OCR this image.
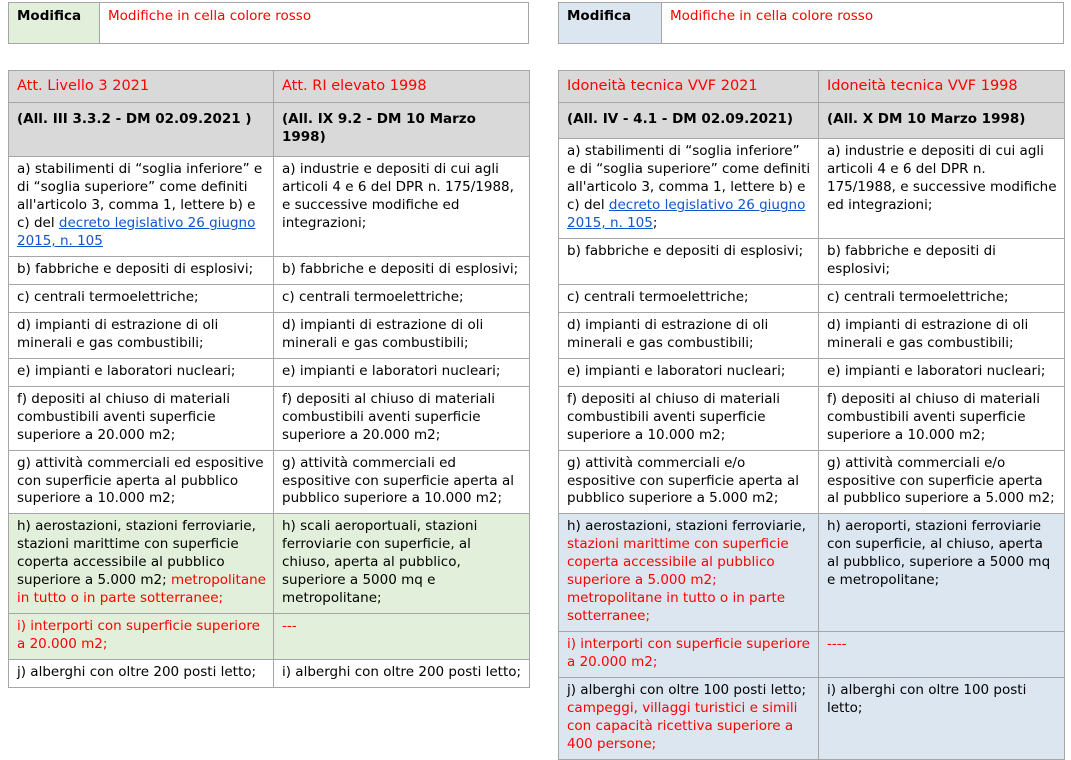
Modifica	Modifiche in cella colore rosso	Modifica	Modifiche in cella colore rosso
Att. Livello 3 2021	Att. RI elevato 1998
(All. III 3.3.2 - DM 02.09.2021 )	(All. IX 9.2 - DM 10 Marzo 1998)
a) stabilimenti di “soglia inferiore” e di “soglia superiore” come definiti all'articolo 3, comma 1, lettere b) e c) del decreto legislativo 26 giugno 2015, n. 105	a) industrie e depositi di cui agli articoli 4 e 6 del DPR n. 175/1988, e successive modifiche ed integrazioni;
b) fabbriche e depositi di esplosivi;	b) fabbriche e depositi di esplosivi;
c) centrali termoelettriche;	c) centrali termoelettriche;
d) impianti di estrazione di oli minerali e gas combustibili;	d) impianti di estrazione di oli minerali e gas combustibili;
e) impianti e laboratori nucleari;	e) impianti e laboratori nucleari;
f) depositi al chiuso di materiali combustibili aventi superficie superiore a 20.000 m2;	f) depositi al chiuso di materiali combustibili aventi superficie superiore a 20.000 m2;
g) attività commerciali ed espositive con superficie aperta al pubblico superiore a 10.000 m2;	g) attività commerciali ed espositive con superficie aperta al pubblico superiore a 10.000 m2;
h) aerostazioni, stazioni ferroviarie, stazioni marittime con superficie coperta accessibile al pubblico superiore a 5.000 m2; metropolitane in tutto o in parte sotterranee;	h) scali aeroportuali, stazioni ferroviarie con superficie, al chiuso, aperta al pubblico, superiore a 5000 mq e metropolitane;
i) interporti con superficie superiore a 20.000 m2;	---
j) alberghi con oltre 200 posti letto;	i) alberghi con oltre 200 posti letto;
Idoneità tecnica VVF 2021	Idoneità tecnica VVF 1998
(All. IV - 4.1 - DM 02.09.2021)	(All. X DM 10 Marzo 1998)
a) stabilimenti di “soglia inferiore” e di “soglia superiore” come definiti all'articolo 3, comma 1, lettere b) e c) del decreto legislativo 26 giugno 2015, n. 105;	a) industrie e depositi di cui agli articoli 4 e 6 del DPR n. 175/1988, e successive modifiche ed integrazioni;
b) fabbriche e depositi di esplosivi;	b) fabbriche e depositi di esplosivi;
c) centrali termoelettriche;	c) centrali termoelettriche;
d) impianti di estrazione di oli minerali e gas combustibili;	d) impianti di estrazione di oli minerali e gas combustibili;
e) impianti e laboratori nucleari;	e) impianti e laboratori nucleari;
f) depositi al chiuso di materiali combustibili aventi superficie superiore a 10.000 m2;	f) depositi al chiuso di materiali combustibili aventi superficie superiore a 10.000 m2;
g) attività commerciali e/o espositive con superficie aperta al pubblico superiore a 5.000 m2;	g) attività commerciali e/o espositive con superficie aperta al pubblico superiore a 5.000 m2;
h) aerostazioni, stazioni ferroviarie, stazioni marittime con superficie coperta accessibile al pubblico superiore a 5.000 m2; metropolitane in tutto o in parte sotterranee;	h) aeroporti, stazioni ferroviarie con superficie, al chiuso, aperta al pubblico, superiore a 5000 mq e metropolitane;
i) interporti con superficie superiore a 20.000 m2;	----
j) alberghi con oltre 100 posti letto; campeggi, villaggi turistici e simili con capacità ricettiva superiore a 400 persone;	i) alberghi con oltre 100 posti letto;
